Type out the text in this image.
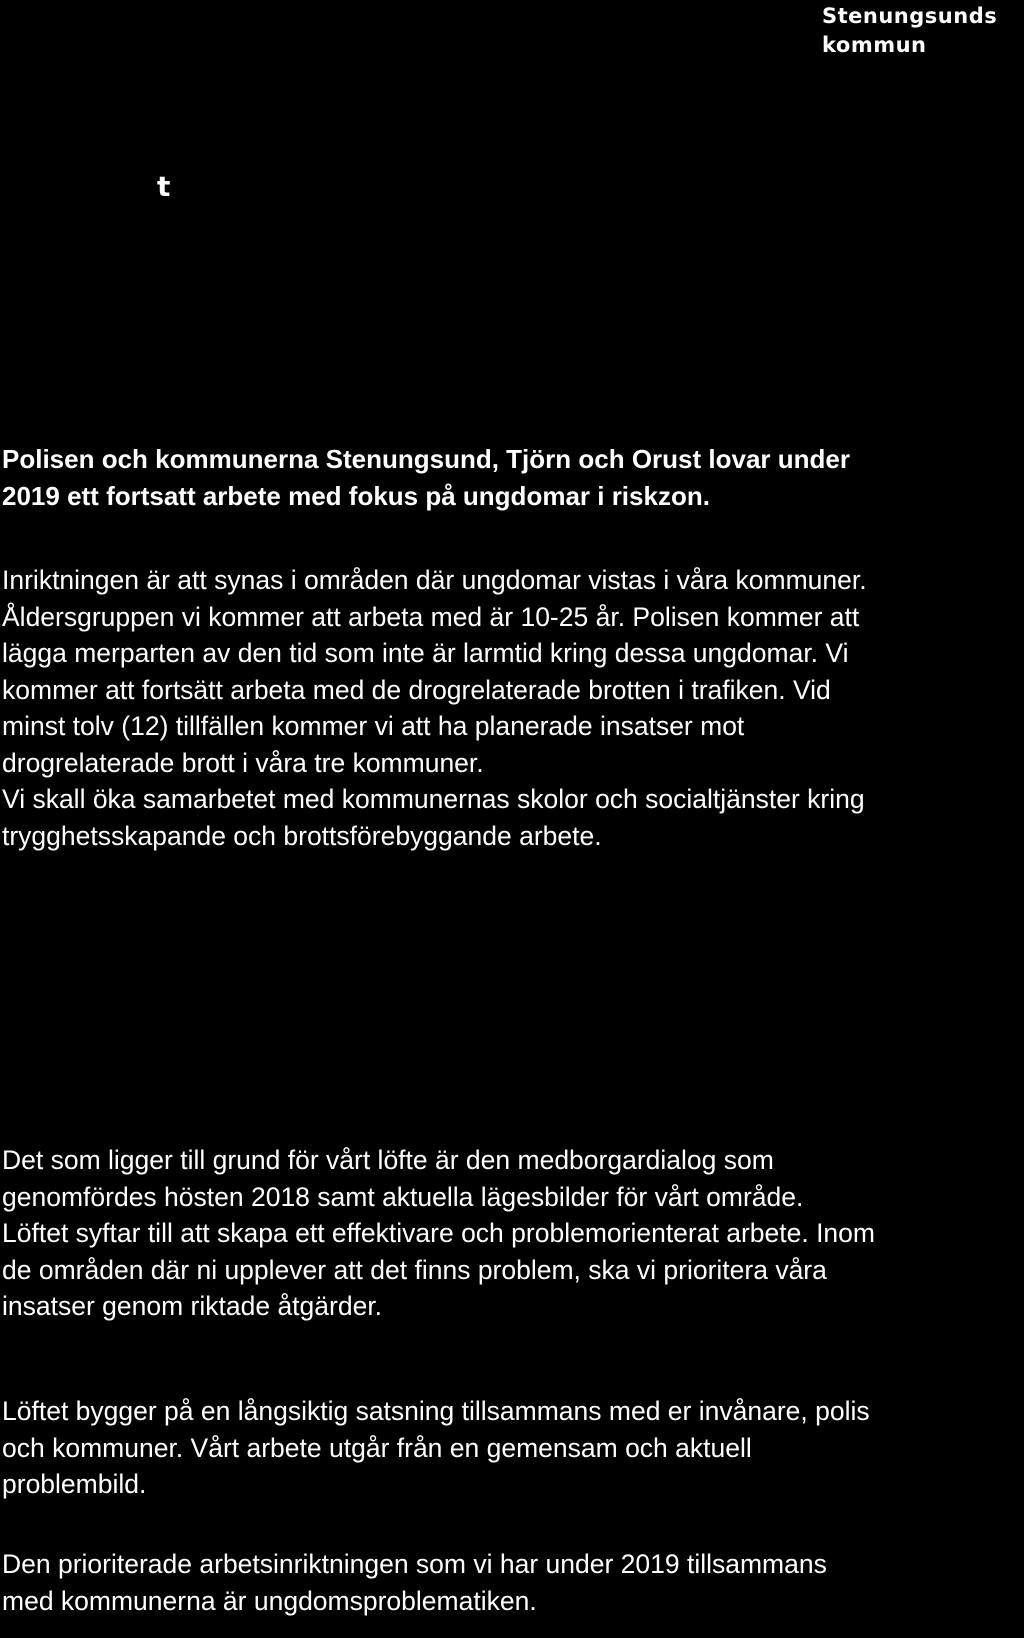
Stenungsunds
kommun
t

Polisen och kommunerna Stenungsund, Tjörn och Orust lovar under
2019 ett fortsatt arbete med fokus på ungdomar i riskzon.

Inriktningen är att synas i områden där ungdomar vistas i våra kommuner.
Åldersgruppen vi kommer att arbeta med är 10-25 år. Polisen kommer att
lägga merparten av den tid som inte är larmtid kring dessa ungdomar. Vi
kommer att fortsätt arbeta med de drogrelaterade brotten i trafiken. Vid
minst tolv (12) tillfällen kommer vi att ha planerade insatser mot
drogrelaterade brott i våra tre kommuner.
Vi skall öka samarbetet med kommunernas skolor och socialtjänster kring
trygghetsskapande och brottsförebyggande arbete.

Det som ligger till grund för vårt löfte är den medborgardialog som
genomfördes hösten 2018 samt aktuella lägesbilder för vårt område.
Löftet syftar till att skapa ett effektivare och problemorienterat arbete. Inom
de områden där ni upplever att det finns problem, ska vi prioritera våra
insatser genom riktade åtgärder.

Löftet bygger på en långsiktig satsning tillsammans med er invånare, polis
och kommuner. Vårt arbete utgår från en gemensam och aktuell
problembild.

Den prioriterade arbetsinriktningen som vi har under 2019 tillsammans
med kommunerna är ungdomsproblematiken.
